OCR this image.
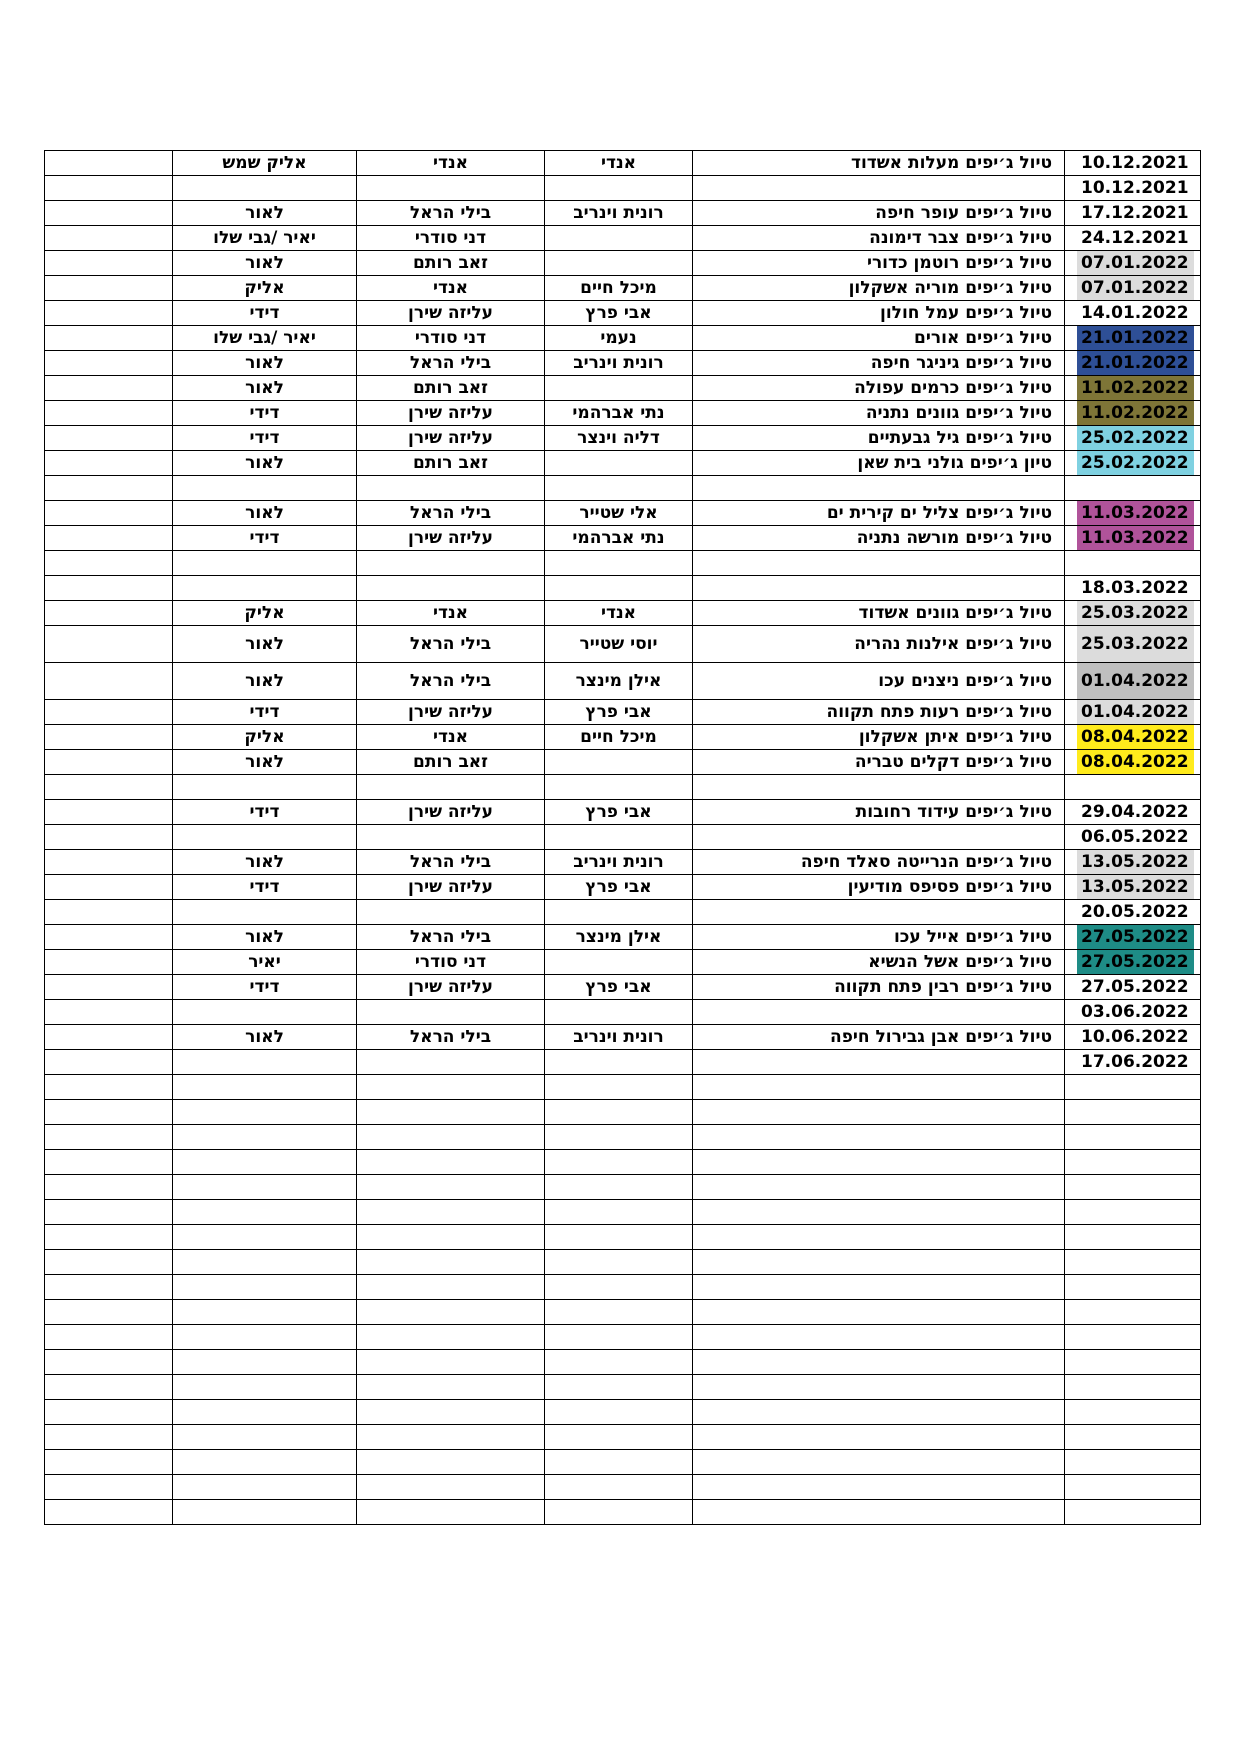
	אליק שמש	אנדי	אנדי	טיול ג׳יפים מעלות אשדוד	10.12.2021
					10.12.2021
	לאור	בילי הראל	רונית וינריב	טיול ג׳יפים עופר חיפה	17.12.2021
	יאיר /גבי שלו	דני סודרי		טיול ג׳יפים צבר דימונה	24.12.2021
	לאור	זאב רותם		טיול ג׳יפים רוטמן כדורי	07.01.2022
	אליק	אנדי	מיכל חיים	טיול ג׳יפים מוריה אשקלון	07.01.2022
	דידי	עליזה שירן	אבי פרץ	טיול ג׳יפים עמל חולון	14.01.2022
	יאיר /גבי שלו	דני סודרי	נעמי	טיול ג׳יפים אורים	21.01.2022
	לאור	בילי הראל	רונית וינריב	טיול ג׳יפים גיניגר חיפה	21.01.2022
	לאור	זאב רותם		טיול ג׳יפים כרמים עפולה	11.02.2022
	דידי	עליזה שירן	נתי אברהמי	טיול ג׳יפים גוונים נתניה	11.02.2022
	דידי	עליזה שירן	דליה וינצר	טיול ג׳יפים גיל גבעתיים	25.02.2022
	לאור	זאב רותם		טיון ג׳יפים גולני בית שאן	25.02.2022

	לאור	בילי הראל	אלי שטייר	טיול ג׳יפים צליל ים קירית ים	11.03.2022
	דידי	עליזה שירן	נתי אברהמי	טיול ג׳יפים מורשה נתניה	11.03.2022

					18.03.2022
	אליק	אנדי	אנדי	טיול ג׳יפים גוונים אשדוד	25.03.2022
	לאור	בילי הראל	יוסי שטייר	טיול ג׳יפים אילנות נהריה	25.03.2022
	לאור	בילי הראל	אילן מינצר	טיול ג׳יפים ניצנים עכו	01.04.2022
	דידי	עליזה שירן	אבי פרץ	טיול ג׳יפים רעות פתח תקווה	01.04.2022
	אליק	אנדי	מיכל חיים	טיול ג׳יפים איתן אשקלון	08.04.2022
	לאור	זאב רותם		טיול ג׳יפים דקלים טבריה	08.04.2022

	דידי	עליזה שירן	אבי פרץ	טיול ג׳יפים עידוד רחובות	29.04.2022
					06.05.2022
	לאור	בילי הראל	רונית וינריב	טיול ג׳יפים הנרייטה סאלד חיפה	13.05.2022
	דידי	עליזה שירן	אבי פרץ	טיול ג׳יפים פסיפס מודיעין	13.05.2022
					20.05.2022
	לאור	בילי הראל	אילן מינצר	טיול ג׳יפים אייל עכו	27.05.2022
	יאיר	דני סודרי		טיול ג׳יפים אשל הנשיא	27.05.2022
	דידי	עליזה שירן	אבי פרץ	טיול ג׳יפים רבין פתח תקווה	27.05.2022
					03.06.2022
	לאור	בילי הראל	רונית וינריב	טיול ג׳יפים אבן גבירול חיפה	10.06.2022
					17.06.2022
